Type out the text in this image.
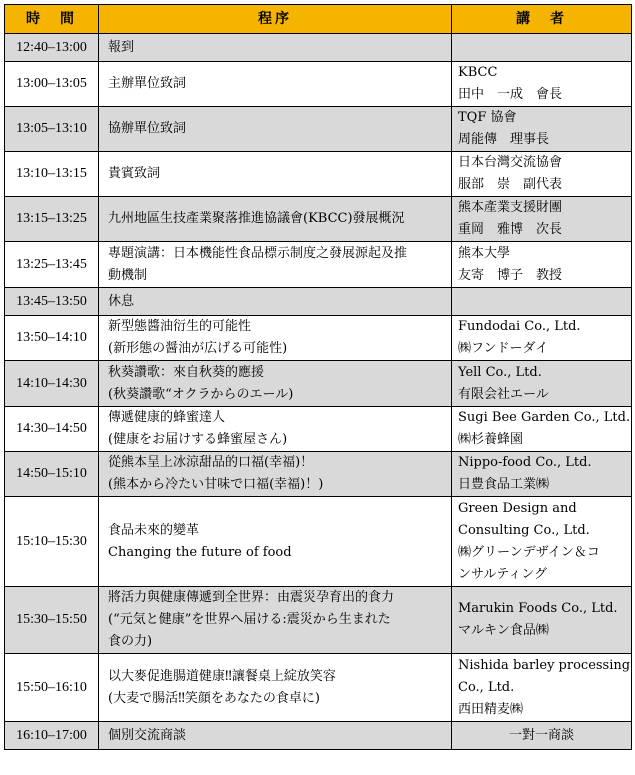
時　間	程序	講　者
12:40–13:00	報到	

13:00–13:05	主辦單位致詞	KBCC
田中　一成　會長

13:05–13:10	協辦單位致詞	TQF 協會
周能傳　理事長

13:10–13:15	貴賓致詞	日本台灣交流協會
服部　崇　副代表

13:15–13:25	九州地區生技產業聚落推進協議會(KBCC)發展概況	熊本產業支援財團
重岡　雅博　次長

13:25–13:45	專題演講：日本機能性食品標示制度之發展源起及推
動機制	熊本大學
友寄　博子　教授

13:45–13:50	休息	

13:50–14:10	新型態醬油衍生的可能性
(新形態の醤油が広げる可能性)	Fundodai Co., Ltd.
㈱フンドーダイ

14:10–14:30	秋葵讚歌：來自秋葵的應援
(秋葵讚歌“オクラからのエール)	Yell Co., Ltd.
有限会社エール

14:30–14:50	傳遞健康的蜂蜜達人
(健康をお届けする蜂蜜屋さん)	Sugi Bee Garden Co., Ltd.
㈱杉養蜂園

14:50–15:10	從熊本呈上冰涼甜品的口福(幸福)！
(熊本から冷たい甘味で口福(幸福)！)	Nippo-food Co., Ltd.
日豊食品工業㈱

15:10–15:30	食品未來的變革
Changing the future of food	Green Design and
Consulting Co., Ltd.
㈱グリーンデザイン＆コ
ンサルティング

15:30–15:50	將活力與健康傳遞到全世界：由震災孕育出的食力
(“元気と健康”を世界へ届ける:震災から生まれた
食の力)	Marukin Foods Co., Ltd.
マルキン食品㈱

15:50–16:10	以大麥促進腸道健康‼讓餐桌上綻放笑容
(大麦で腸活‼笑顔をあなたの食卓に)	Nishida barley processing
Co., Ltd.
西田精麦㈱

16:10–17:00	個別交流商談	一對一商談
